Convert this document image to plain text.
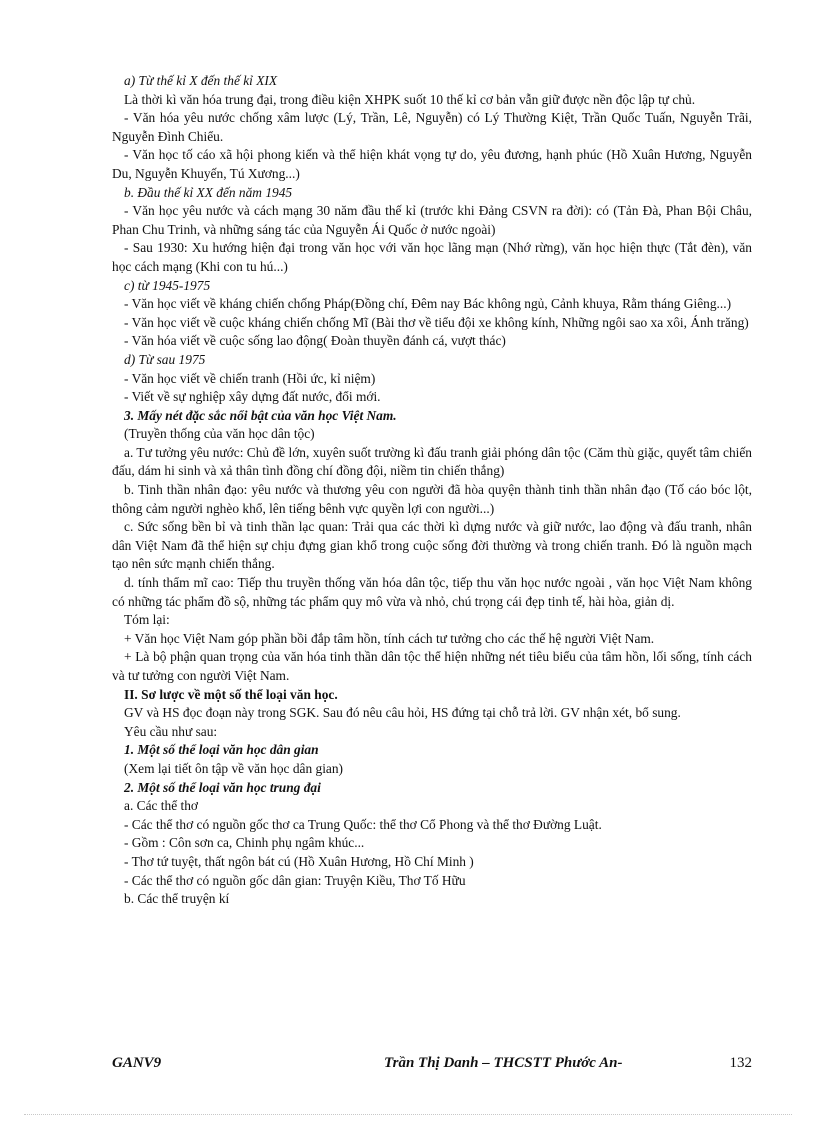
a) Từ thế kỉ X đến thế kỉ XIX

Là thời kì văn hóa trung đại, trong điều kiện XHPK suốt 10 thế kỉ cơ bản vẫn giữ được nền độc lập tự chủ.

- Văn hóa yêu nước chống xâm lược (Lý, Trần, Lê, Nguyễn) có Lý Thường Kiệt, Trần Quốc Tuấn, Nguyễn Trãi, Nguyễn Đình Chiểu.

- Văn học tố cáo xã hội phong kiến và thể hiện khát vọng tự do, yêu đương, hạnh phúc (Hồ Xuân Hương, Nguyễn Du, Nguyễn Khuyến, Tú Xương...)

b. Đầu thế kỉ XX đến năm 1945

- Văn học yêu nước và cách mạng 30 năm đầu thế kỉ (trước khi Đảng CSVN ra đời): có (Tản Đà, Phan Bội Châu, Phan Chu Trinh, và những sáng tác của Nguyễn Ái Quốc ở nước ngoài)

- Sau 1930: Xu hướng hiện đại trong văn học với văn học lãng mạn (Nhớ rừng), văn học hiện thực (Tắt đèn), văn học cách mạng (Khi con tu hú...)

c) từ 1945-1975

- Văn học viết về kháng chiến chống Pháp(Đồng chí, Đêm nay Bác không ngủ, Cảnh khuya, Rằm tháng Giêng...)

- Văn học viết về cuộc kháng chiến chống Mĩ (Bài thơ về tiểu đội xe không kính, Những ngôi sao xa xôi, Ánh trăng)

- Văn hóa viết về cuộc sống lao động( Đoàn thuyền đánh cá, vượt thác)

d) Từ sau 1975

- Văn học viết về chiến tranh (Hồi ức, kỉ niệm)

- Viết về sự nghiệp xây dựng đất nước, đổi mới.

3. Mấy nét đặc sắc nổi bật của văn học Việt Nam.

(Truyền thống của văn học dân tộc)

a. Tư tưởng yêu nước: Chủ đề lớn, xuyên suốt trường kì đấu tranh giải phóng dân tộc (Căm thù giặc, quyết tâm chiến đấu, dám hi sinh và xả thân tình đồng chí đồng đội, niềm tin chiến thắng)

b. Tinh thần nhân đạo: yêu nước và thương yêu con người đã hòa quyện thành tinh thần nhân đạo (Tố cáo bóc lột, thông cảm người nghèo khổ, lên tiếng bênh vực quyền lợi con người...)

c. Sức sống bền bỉ và tinh thần lạc quan: Trải qua các thời kì dựng nước và giữ nước, lao động và đấu tranh, nhân dân Việt Nam đã thể hiện sự chịu đựng gian khổ trong cuộc sống đời thường và trong chiến tranh. Đó là nguồn mạch tạo nên sức mạnh chiến thắng.

d. tính thẩm mĩ cao: Tiếp thu truyền thống văn hóa dân tộc, tiếp thu văn học nước ngoài , văn học Việt Nam không có những tác phẩm đồ sộ, những tác phẩm quy mô vừa và nhỏ, chú trọng cái đẹp tinh tế, hài hòa, giản dị.

Tóm lại:

+ Văn học Việt Nam góp phần bồi đắp tâm hồn, tính cách tư tưởng cho các thế hệ người Việt Nam.

+ Là bộ phận quan trọng của văn hóa tinh thần dân tộc thể hiện những nét tiêu biểu của tâm hồn, lối sống, tính cách và tư tưởng con người Việt Nam.

II. Sơ lược về một số thể loại văn học.

GV và HS đọc đoạn này trong SGK. Sau đó nêu câu hỏi, HS đứng tại chỗ trả lời. GV nhận xét, bổ sung.

Yêu cầu như sau:

1. Một số thể loại văn học dân gian

(Xem lại tiết ôn tập về văn học dân gian)

2. Một số thể loại văn học trung đại

a. Các thể thơ

- Các thể thơ có nguồn gốc thơ ca Trung Quốc: thể thơ Cổ Phong và thể thơ Đường Luật.

- Gồm : Côn sơn ca, Chinh phụ ngâm khúc...

- Thơ tứ tuyệt, thất ngôn bát cú (Hồ Xuân Hương, Hồ Chí Minh )

- Các thể thơ có nguồn gốc dân gian: Truyện Kiều, Thơ Tố Hữu

b. Các thể truyện kí

GANV9	Trần Thị Danh – THCSTT Phước An-	132
